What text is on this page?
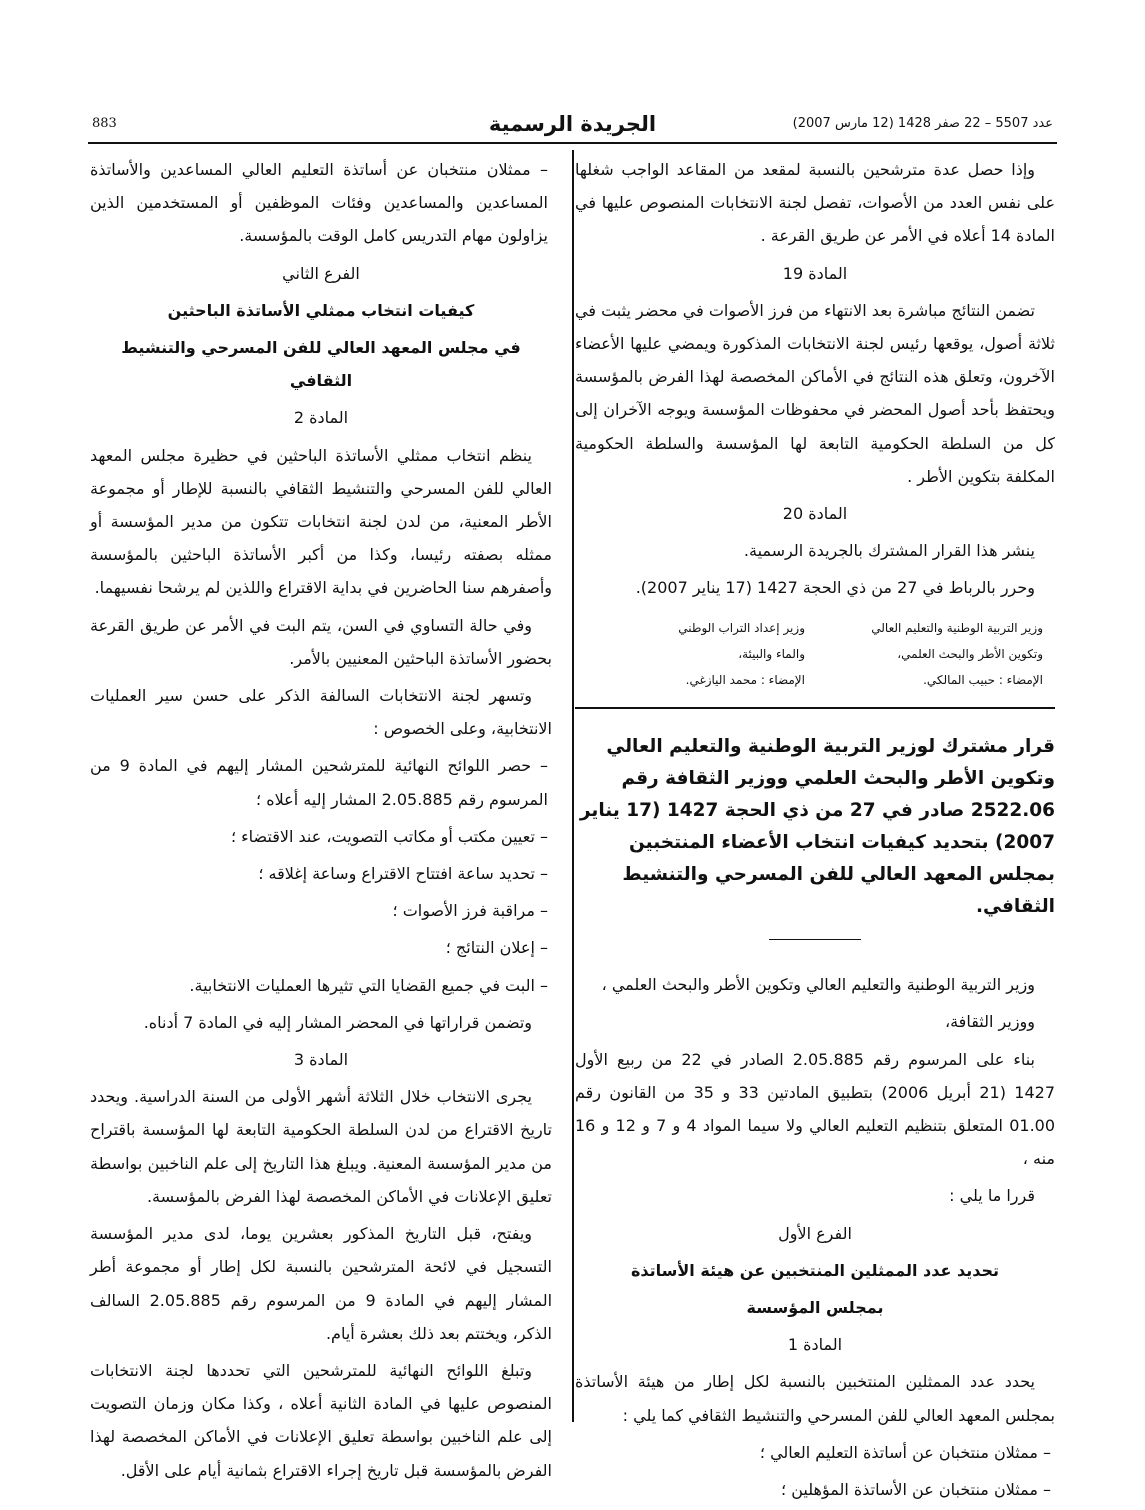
883	الجريدة الرسمية	عدد 5507 – 22 صفر 1428 (12 مارس 2007)

وإذا حصل عدة مترشحين بالنسبة لمقعد من المقاعد الواجب شغلها على نفس العدد من الأصوات، تفصل لجنة الانتخابات المنصوص عليها في المادة 14 أعلاه في الأمر عن طريق القرعة .

المادة 19

تضمن النتائج مباشرة بعد الانتهاء من فرز الأصوات في محضر يثبت في ثلاثة أصول، يوقعها رئيس لجنة الانتخابات المذكورة ويمضي عليها الأعضاء الآخرون، وتعلق هذه النتائج في الأماكن المخصصة لهذا الفرض بالمؤسسة ويحتفظ بأحد أصول المحضر في محفوظات المؤسسة ويوجه الآخران إلى كل من السلطة الحكومية التابعة لها المؤسسة والسلطة الحكومية المكلفة بتكوين الأطر .

المادة 20

ينشر هذا القرار المشترك بالجريدة الرسمية.

وحرر بالرباط في 27 من ذي الحجة 1427 (17 يناير 2007).

وزير التربية الوطنية والتعليم العالي
وزير إعداد التراب الوطني
وتكوين الأطر والبحث العلمي،
والماء والبيئة،
الإمضاء : حبيب المالكي.
الإمضاء : محمد اليازغي.

قرار مشترك لوزير التربية الوطنية والتعليم العالي وتكوين الأطر والبحث العلمي ووزير الثقافة رقم 2522.06 صادر في 27 من ذي الحجة 1427 (17 يناير 2007) بتحديد كيفيات انتخاب الأعضاء المنتخبين بمجلس المعهد العالي للفن المسرحي والتنشيط الثقافي.

وزير التربية الوطنية والتعليم العالي وتكوين الأطر والبحث العلمي ،

ووزير الثقافة،

بناء على المرسوم رقم 2.05.885 الصادر في 22 من ربيع الأول 1427 (21 أبريل 2006) بتطبيق المادتين 33 و 35 من القانون رقم 01.00 المتعلق بتنظيم التعليم العالي ولا سيما المواد 4 و 7 و 12 و 16 منه ،

قررا ما يلي :

الفرع الأول

تحديد عدد الممثلين المنتخبين عن هيئة الأساتذة

بمجلس المؤسسة

المادة 1

يحدد عدد الممثلين المنتخبين بالنسبة لكل إطار من هيئة الأساتذة بمجلس المعهد العالي للفن المسرحي والتنشيط الثقافي كما يلي :

– ممثلان منتخبان عن أساتذة التعليم العالي ؛

– ممثلان منتخبان عن الأساتذة المؤهلين ؛

– ممثلان منتخبان عن أساتذة التعليم العالي المساعدين والأساتذة المساعدين والمساعدين وفئات الموظفين أو المستخدمين الذين يزاولون مهام التدريس كامل الوقت بالمؤسسة.

الفرع الثاني

كيفيات انتخاب ممثلي الأساتذة الباحثين

في مجلس المعهد العالي للفن المسرحي والتنشيط الثقافي

المادة 2

ينظم انتخاب ممثلي الأساتذة الباحثين في حظيرة مجلس المعهد العالي للفن المسرحي والتنشيط الثقافي بالنسبة للإطار أو مجموعة الأطر المعنية، من لدن لجنة انتخابات تتكون من مدير المؤسسة أو ممثله بصفته رئيسا، وكذا من أكبر الأساتذة الباحثين بالمؤسسة وأصفرهم سنا الحاضرين في بداية الاقتراع واللذين لم يرشحا نفسيهما.

وفي حالة التساوي في السن، يتم البت في الأمر عن طريق القرعة بحضور الأساتذة الباحثين المعنيين بالأمر.

وتسهر لجنة الانتخابات السالفة الذكر على حسن سير العمليات الانتخابية، وعلى الخصوص :

– حصر اللوائح النهائية للمترشحين المشار إليهم في المادة 9 من المرسوم رقم 2.05.885 المشار إليه أعلاه ؛

– تعيين مكتب أو مكاتب التصويت، عند الاقتضاء ؛

– تحديد ساعة افتتاح الاقتراع وساعة إغلاقه ؛

– مراقبة فرز الأصوات ؛

– إعلان النتائج ؛

– البت في جميع القضايا التي تثيرها العمليات الانتخابية.

وتضمن قراراتها في المحضر المشار إليه في المادة 7 أدناه.

المادة 3

يجرى الانتخاب خلال الثلاثة أشهر الأولى من السنة الدراسية. ويحدد تاريخ الاقتراع من لدن السلطة الحكومية التابعة لها المؤسسة باقتراح من مدير المؤسسة المعنية. ويبلغ هذا التاريخ إلى علم الناخبين بواسطة تعليق الإعلانات في الأماكن المخصصة لهذا الفرض بالمؤسسة.

ويفتح، قبل التاريخ المذكور بعشرين يوما، لدى مدير المؤسسة التسجيل في لائحة المترشحين بالنسبة لكل إطار أو مجموعة أطر المشار إليهم في المادة 9 من المرسوم رقم 2.05.885 السالف الذكر، ويختتم بعد ذلك بعشرة أيام.

وتبلغ اللوائح النهائية للمترشحين التي تحددها لجنة الانتخابات المنصوص عليها في المادة الثانية أعلاه ، وكذا مكان وزمان التصويت إلى علم الناخبين بواسطة تعليق الإعلانات في الأماكن المخصصة لهذا الفرض بالمؤسسة قبل تاريخ إجراء الاقتراع بثمانية أيام على الأقل.
